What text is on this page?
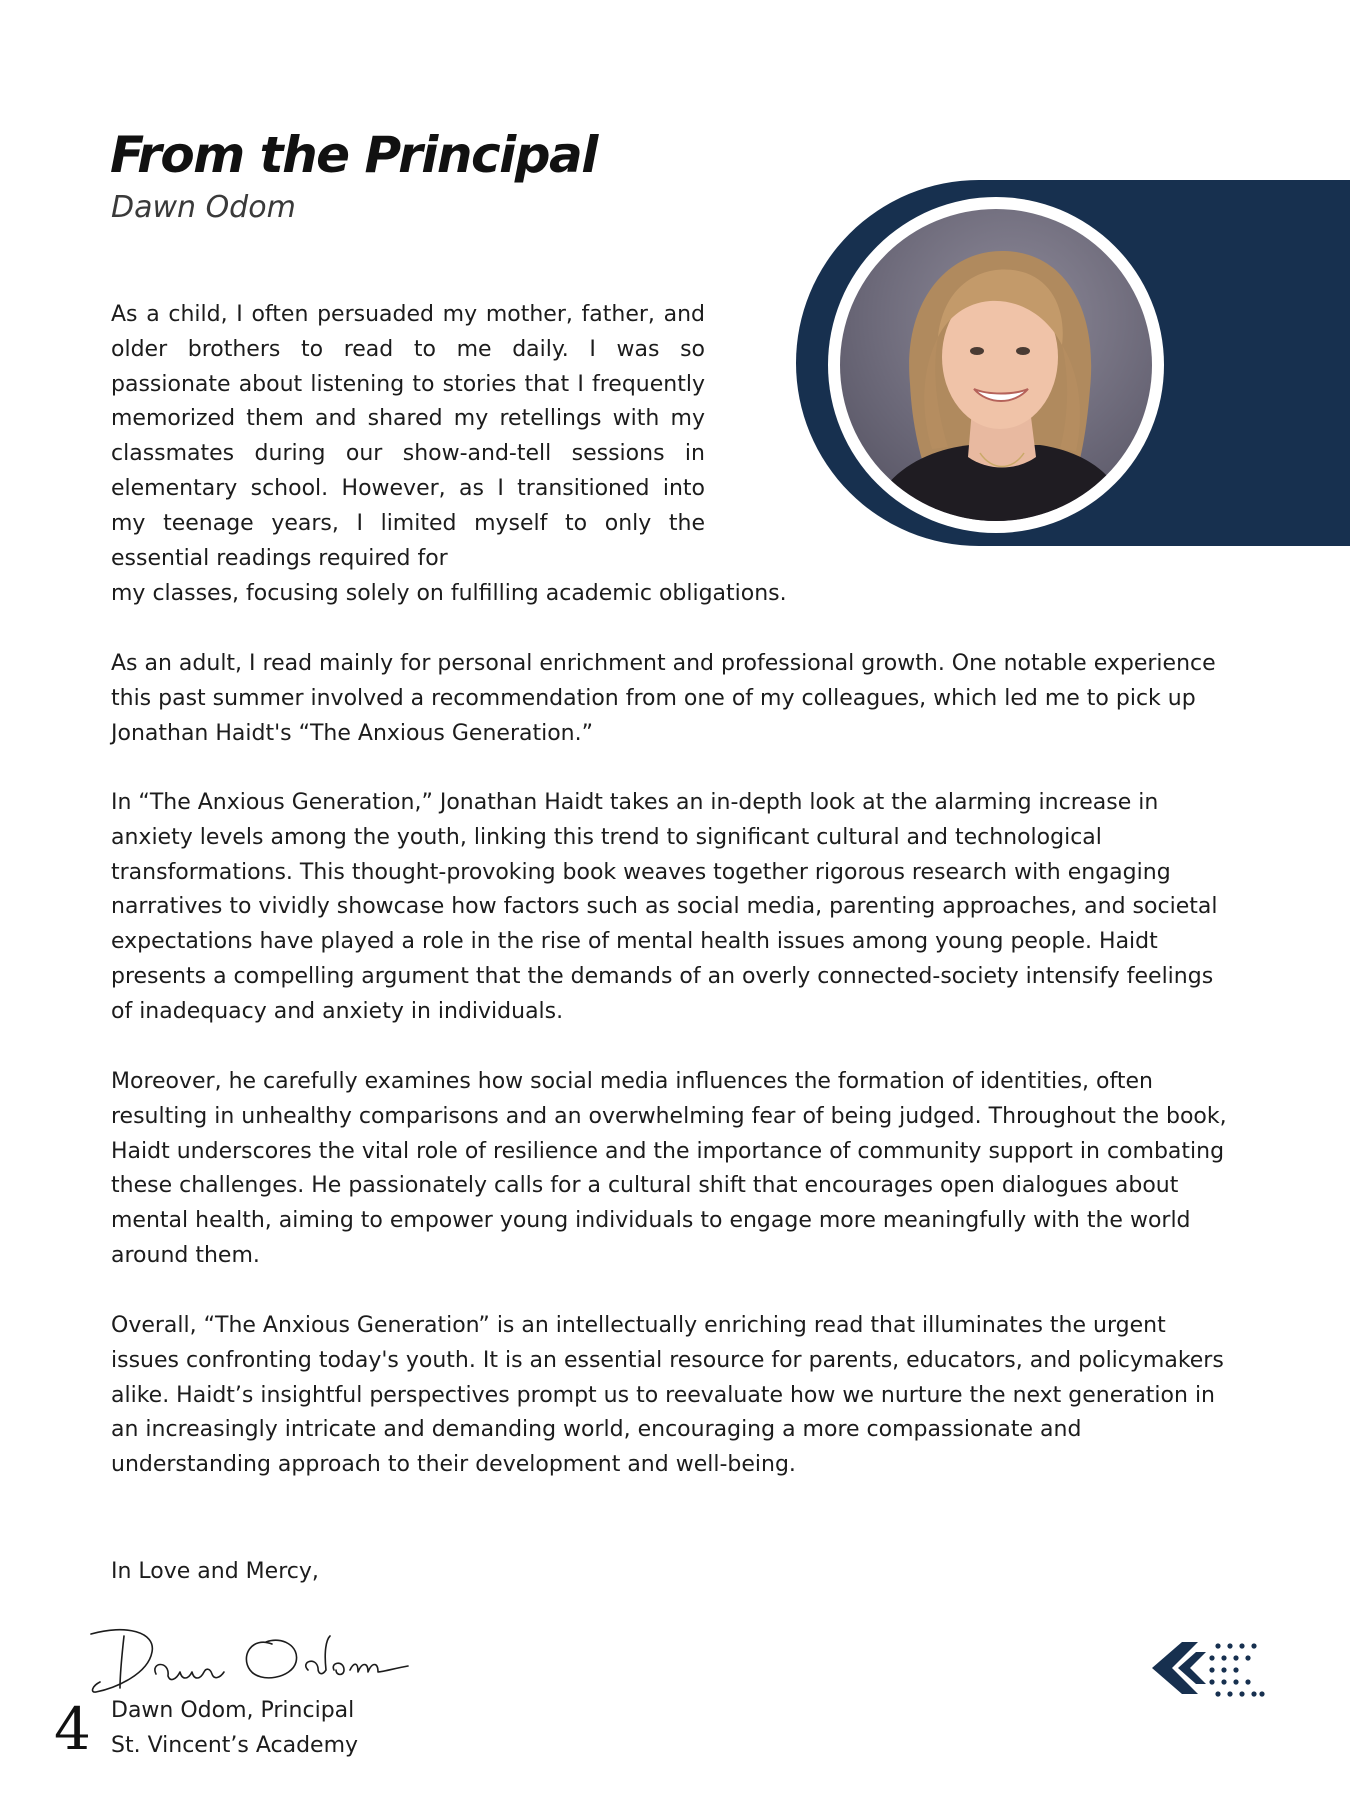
From the Principal
Dawn Odom

As a child, I often persuaded my mother, father, and older brothers to read to me daily. I was so passionate about listening to stories that I frequently memorized them and shared my retellings with my classmates during our show-and-tell sessions in elementary school. However, as I transitioned into my teenage years, I limited myself to only the essential readings required for

my classes, focusing solely on fulfilling academic obligations.

As an adult, I read mainly for personal enrichment and professional growth. One notable experience this past summer involved a recommendation from one of my colleagues, which led me to pick up Jonathan Haidt's “The Anxious Generation.”

In “The Anxious Generation,” Jonathan Haidt takes an in-depth look at the alarming increase in anxiety levels among the youth, linking this trend to significant cultural and technological transformations. This thought-provoking book weaves together rigorous research with engaging narratives to vividly showcase how factors such as social media, parenting approaches, and societal expectations have played a role in the rise of mental health issues among young people. Haidt presents a compelling argument that the demands of an overly connected-society intensify feelings of inadequacy and anxiety in individuals.

Moreover, he carefully examines how social media influences the formation of identities, often resulting in unhealthy comparisons and an overwhelming fear of being judged. Throughout the book, Haidt underscores the vital role of resilience and the importance of community support in combating these challenges. He passionately calls for a cultural shift that encourages open dialogues about mental health, aiming to empower young individuals to engage more meaningfully with the world around them.

Overall, “The Anxious Generation” is an intellectually enriching read that illuminates the urgent issues confronting today's youth. It is an essential resource for parents, educators, and policymakers alike. Haidt’s insightful perspectives prompt us to reevaluate how we nurture the next generation in an increasingly intricate and demanding world, encouraging a more compassionate and understanding approach to their development and well-being.

In Love and Mercy,

Dawn Odom, Principal

St. Vincent’s Academy

4
